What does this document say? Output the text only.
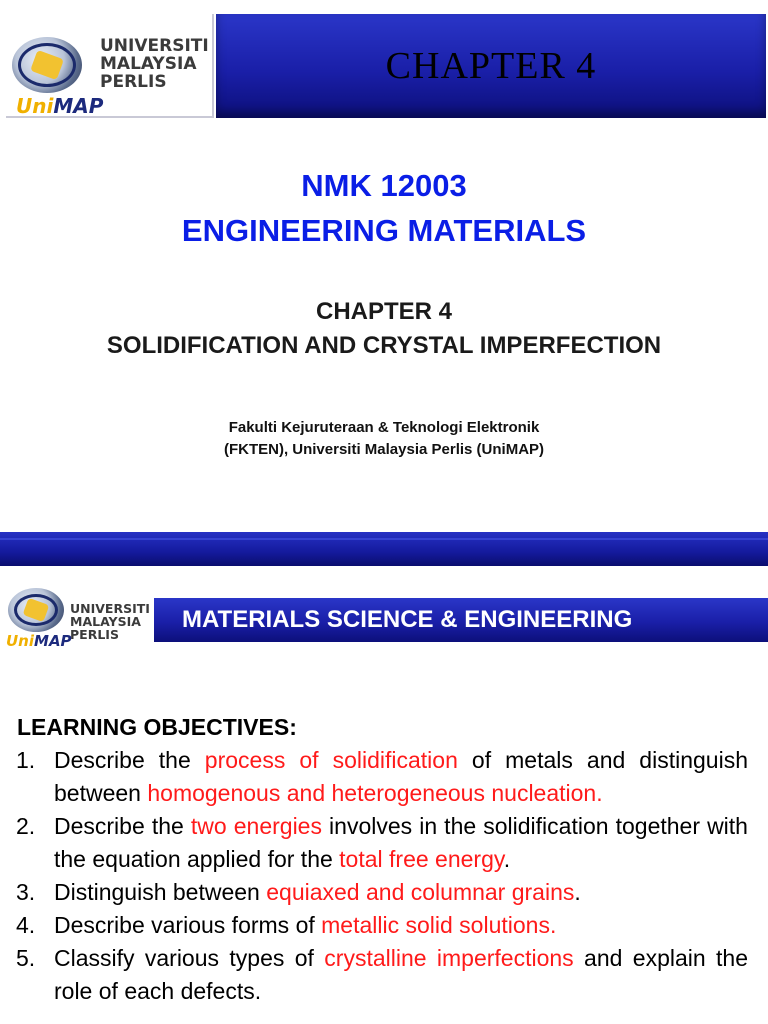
UNIVERSITI
MALAYSIA
PERLIS
UniMAP
CHAPTER 4
NMK 12003
ENGINEERING MATERIALS
CHAPTER 4
SOLIDIFICATION AND CRYSTAL IMPERFECTION
Fakulti Kejuruteraan & Teknologi Elektronik
(FKTEN), Universiti Malaysia Perlis (UniMAP)
UNIVERSITI
MALAYSIA
PERLIS
UniMAP
MATERIALS SCIENCE & ENGINEERING
LEARNING OBJECTIVES:
1. Describe the process of solidification of metals and distinguish between homogenous and heterogeneous nucleation.
2. Describe the two energies involves in the solidification together with the equation applied for the total free energy.
3. Distinguish between equiaxed and columnar grains.
4. Describe various forms of metallic solid solutions.
5. Classify various types of crystalline imperfections and explain the role of each defects.
